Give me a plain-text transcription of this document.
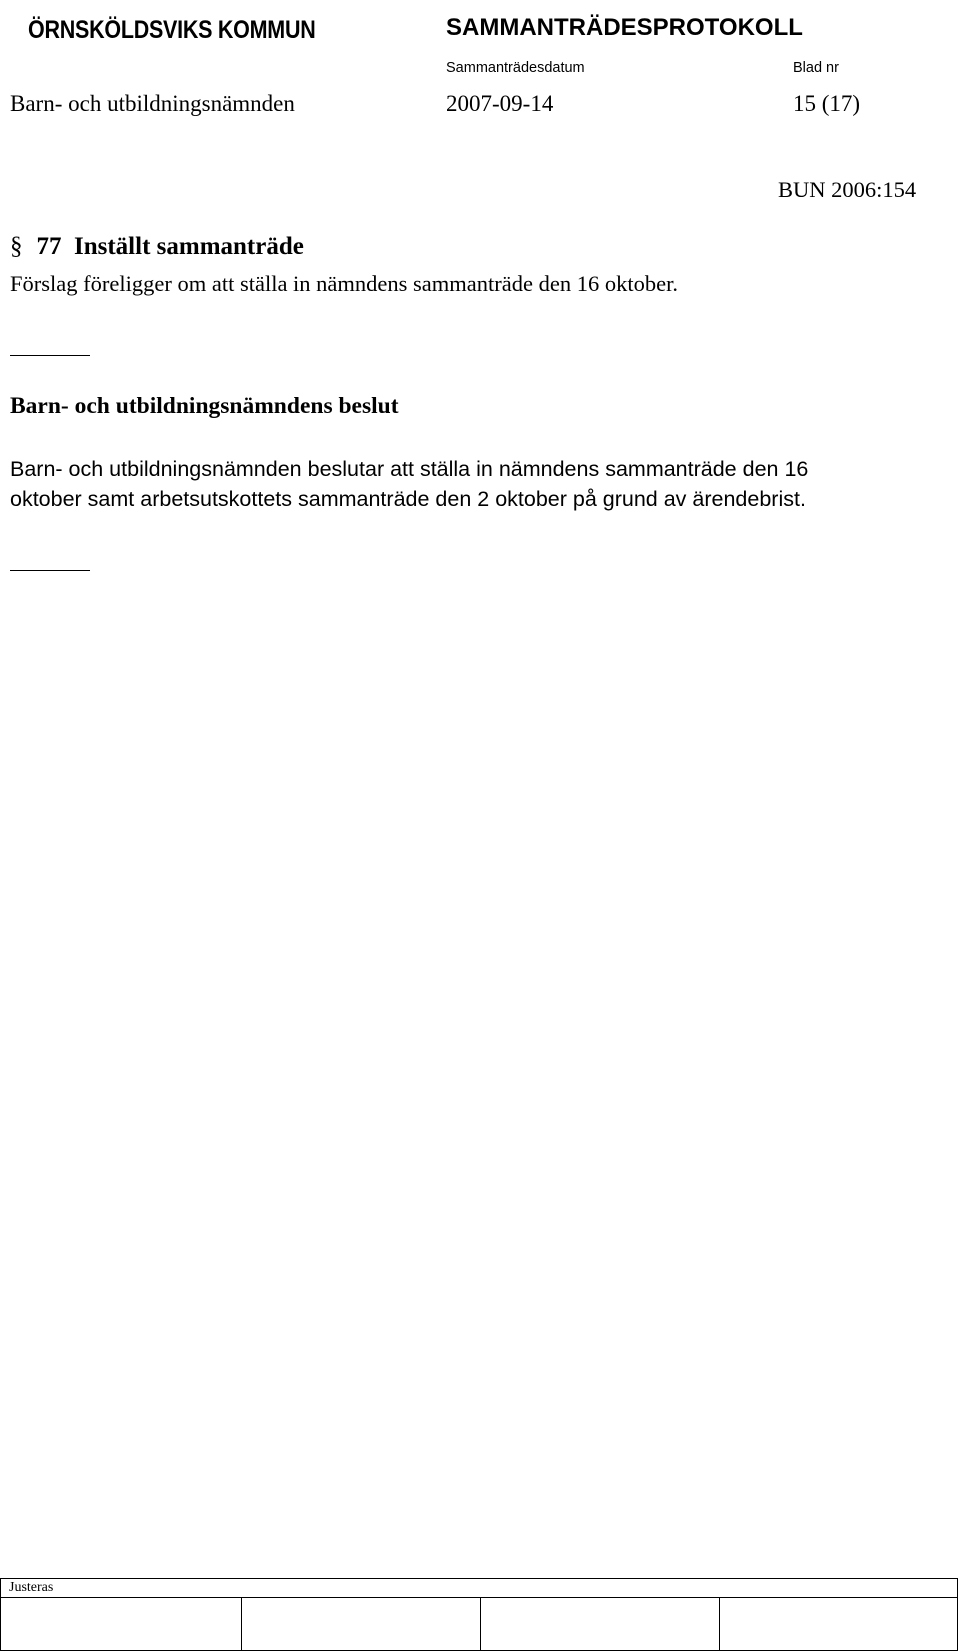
ÖRNSKÖLDSVIKS KOMMUN	SAMMANTRÄDESPROTOKOLL
Sammanträdesdatum	Blad nr
Barn- och utbildningsnämnden	2007-09-14	15 (17)
BUN 2006:154
§ 77 Inställt sammanträde
Förslag föreligger om att ställa in nämndens sammanträde den 16 oktober.
Barn- och utbildningsnämndens beslut

Barn- och utbildningsnämnden beslutar att ställa in nämndens sammanträde den 16

oktober samt arbetsutskottets sammanträde den 2 oktober på grund av ärendebrist.

Justeras
